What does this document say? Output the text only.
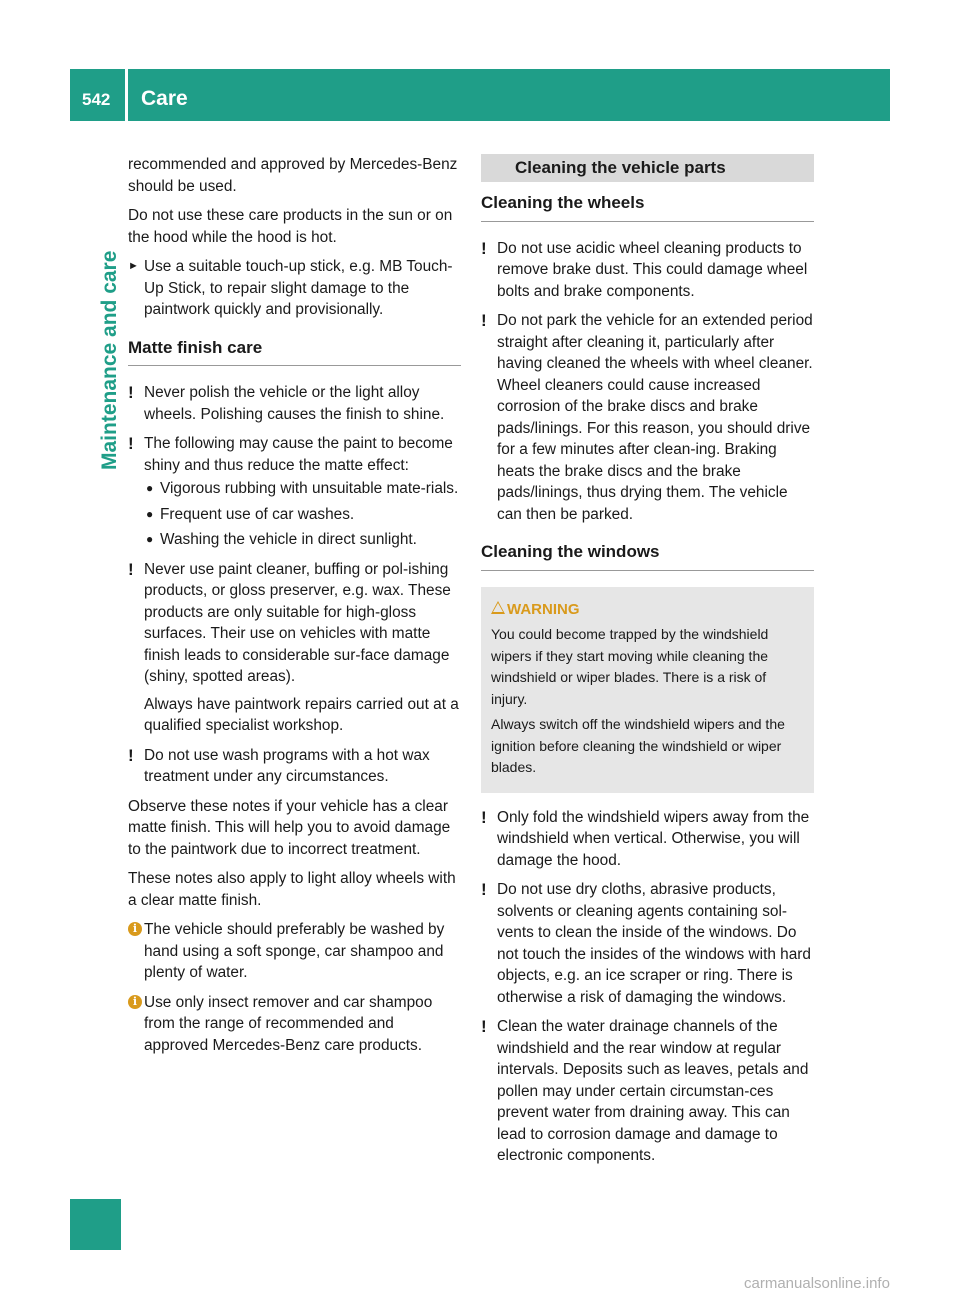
542 Care
Maintenance and care

recommended and approved by Mercedes-Benz should be used.

Do not use these care products in the sun or on the hood while the hood is hot.

► Use a suitable touch-up stick, e.g. MB Touch-Up Stick, to repair slight damage to the paintwork quickly and provisionally.
Matte finish care
! Never polish the vehicle or the light alloy wheels. Polishing causes the finish to shine.
! The following may cause the paint to become shiny and thus reduce the matte effect:
● Vigorous rubbing with unsuitable mate-rials.
● Frequent use of car washes.
● Washing the vehicle in direct sunlight.
! Never use paint cleaner, buffing or pol-ishing products, or gloss preserver, e.g. wax. These products are only suitable for high-gloss surfaces. Their use on vehicles with matte finish leads to considerable sur-face damage (shiny, spotted areas).

Always have paintwork repairs carried out at a qualified specialist workshop.

! Do not use wash programs with a hot wax treatment under any circumstances.

Observe these notes if your vehicle has a clear matte finish. This will help you to avoid damage to the paintwork due to incorrect treatment.

These notes also apply to light alloy wheels with a clear matte finish.

i The vehicle should preferably be washed by hand using a soft sponge, car shampoo and plenty of water.
i Use only insect remover and car shampoo from the range of recommended and approved Mercedes-Benz care products.
Cleaning the vehicle parts
Cleaning the wheels
! Do not use acidic wheel cleaning products to remove brake dust. This could damage wheel bolts and brake components.
! Do not park the vehicle for an extended period straight after cleaning it, particularly after having cleaned the wheels with wheel cleaner. Wheel cleaners could cause increased corrosion of the brake discs and brake pads/linings. For this reason, you should drive for a few minutes after clean-ing. Braking heats the brake discs and the brake pads/linings, thus drying them. The vehicle can then be parked.
Cleaning the windows
WARNING

You could become trapped by the windshield wipers if they start moving while cleaning the windshield or wiper blades. There is a risk of injury.

Always switch off the windshield wipers and the ignition before cleaning the windshield or wiper blades.

! Only fold the windshield wipers away from the windshield when vertical. Otherwise, you will damage the hood.
! Do not use dry cloths, abrasive products, solvents or cleaning agents containing sol-vents to clean the inside of the windows. Do not touch the insides of the windows with hard objects, e.g. an ice scraper or ring. There is otherwise a risk of damaging the windows.
! Clean the water drainage channels of the windshield and the rear window at regular intervals. Deposits such as leaves, petals and pollen may under certain circumstan-ces prevent water from draining away. This can lead to corrosion damage and damage to electronic components.
carmanualsonline.info
